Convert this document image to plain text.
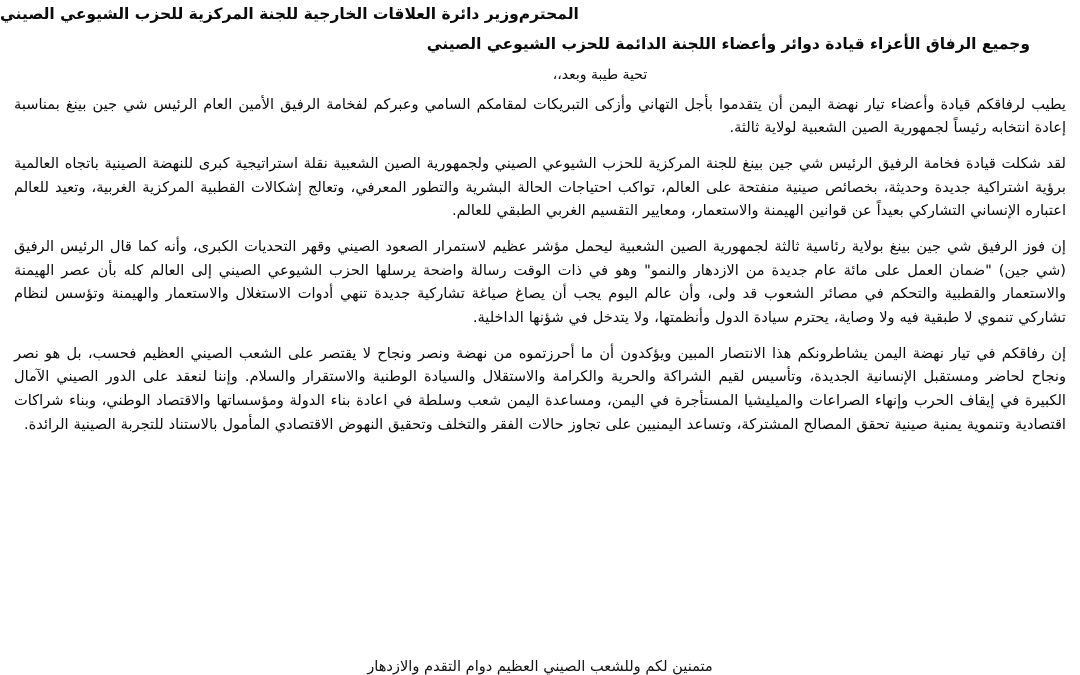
وزير دائرة العلاقات الخارجية للجنة المركزية للحزب الشيوعي الصيني المحترم
وجميع الرفاق الأعزاء قيادة دوائر وأعضاء اللجنة الدائمة للحزب الشيوعي الصيني
تحية طيبة وبعد،،

يطيب لرفاقكم قيادة وأعضاء تيار نهضة اليمن أن يتقدموا بأجل التهاني وأزكى التبريكات لمقامكم السامي وعبركم لفخامة الرفيق الأمين العام الرئيس شي جين بينغ بمناسبة إعادة انتخابه رئيساً لجمهورية الصين الشعبية لولاية ثالثة.

لقد شكلت قيادة فخامة الرفيق الرئيس شي جين بينغ للجنة المركزية للحزب الشيوعي الصيني ولجمهورية الصين الشعبية نقلة استراتيجية كبرى للنهضة الصينية باتجاه العالمية برؤية اشتراكية جديدة وحديثة، بخصائص صينية منفتحة على العالم، تواكب احتياجات الحالة البشرية والتطور المعرفي، وتعالج إشكالات القطبية المركزية الغربية، وتعيد للعالم اعتباره الإنساني التشاركي بعيداً عن قوانين الهيمنة والاستعمار، ومعايير التقسيم الغربي الطبقي للعالم.

إن فوز الرفيق شي جين بينغ بولاية رئاسية ثالثة لجمهورية الصين الشعبية ليحمل مؤشر عظيم لاستمرار الصعود الصيني وقهر التحديات الكبرى، وأنه كما قال الرئيس الرفيق (شي جين) "ضمان العمل على مائة عام جديدة من الازدهار والنمو" وهو في ذات الوقت رسالة واضحة يرسلها الحزب الشيوعي الصيني إلى العالم كله بأن عصر الهيمنة والاستعمار والقطبية والتحكم في مصائر الشعوب قد ولى، وأن عالم اليوم يجب أن يصاغ صياغة تشاركية جديدة تنهي أدوات الاستغلال والاستعمار والهيمنة وتؤسس لنظام تشاركي تنموي لا طبقية فيه ولا وصاية، يحترم سيادة الدول وأنظمتها، ولا يتدخل في شؤنها الداخلية.

إن رفاقكم في تيار نهضة اليمن يشاطرونكم هذا الانتصار المبين ويؤكدون أن ما أحرزتموه من نهضة ونصر ونجاح لا يقتصر على الشعب الصيني العظيم فحسب، بل هو نصر ونجاح لحاضر ومستقبل الإنسانية الجديدة، وتأسيس لقيم الشراكة والحرية والكرامة والاستقلال والسيادة الوطنية والاستقرار والسلام. وإننا لنعقد على الدور الصيني الآمال الكبيرة في إيقاف الحرب وإنهاء الصراعات والميليشيا المستأجرة في اليمن، ومساعدة اليمن شعب وسلطة في اعادة بناء الدولة ومؤسساتها والاقتصاد الوطني، وبناء شراكات اقتصادية وتنموية يمنية صينية تحقق المصالح المشتركة، وتساعد اليمنيين على تجاوز حالات الفقر والتخلف وتحقيق النهوض الاقتصادي المأمول بالاستناد للتجربة الصينية الرائدة.

متمنين لكم وللشعب الصيني العظيم دوام التقدم والازدهار
